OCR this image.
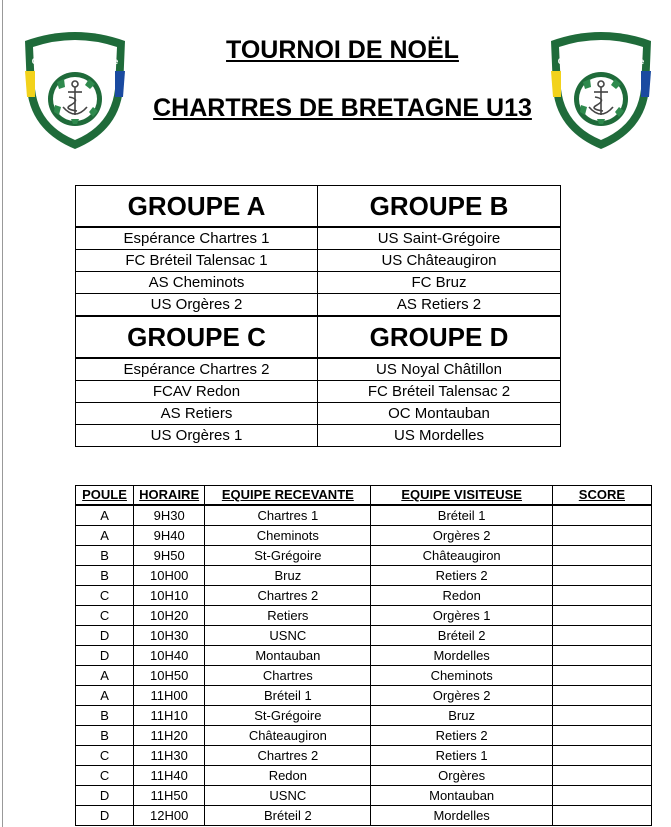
Espérance
Chartres de Bretagne
1941
Espérance
Chartres de Bretagne
1941
TOURNOI DE NOËL
CHARTRES DE BRETAGNE U13
GROUPE A	GROUPE B
Espérance Chartres 1	US Saint-Grégoire
FC Bréteil Talensac 1	US Châteaugiron
AS Cheminots	FC Bruz
US Orgères 2	AS Retiers 2
GROUPE C	GROUPE D
Espérance Chartres 2	US Noyal Châtillon
FCAV Redon	FC Bréteil Talensac 2
AS Retiers	OC Montauban
US Orgères 1	US Mordelles
POULE	HORAIRE	EQUIPE RECEVANTE	EQUIPE VISITEUSE	SCORE
A	9H30	Chartres 1	Bréteil 1	
A	9H40	Cheminots	Orgères 2	
B	9H50	St-Grégoire	Châteaugiron	
B	10H00	Bruz	Retiers 2	
C	10H10	Chartres 2	Redon	
C	10H20	Retiers	Orgères 1	
D	10H30	USNC	Bréteil 2	
D	10H40	Montauban	Mordelles	
A	10H50	Chartres	Cheminots	
A	11H00	Bréteil 1	Orgères 2	
B	11H10	St-Grégoire	Bruz	
B	11H20	Châteaugiron	Retiers 2	
C	11H30	Chartres 2	Retiers 1	
C	11H40	Redon	Orgères	
D	11H50	USNC	Montauban	
D	12H00	Bréteil 2	Mordelles	
